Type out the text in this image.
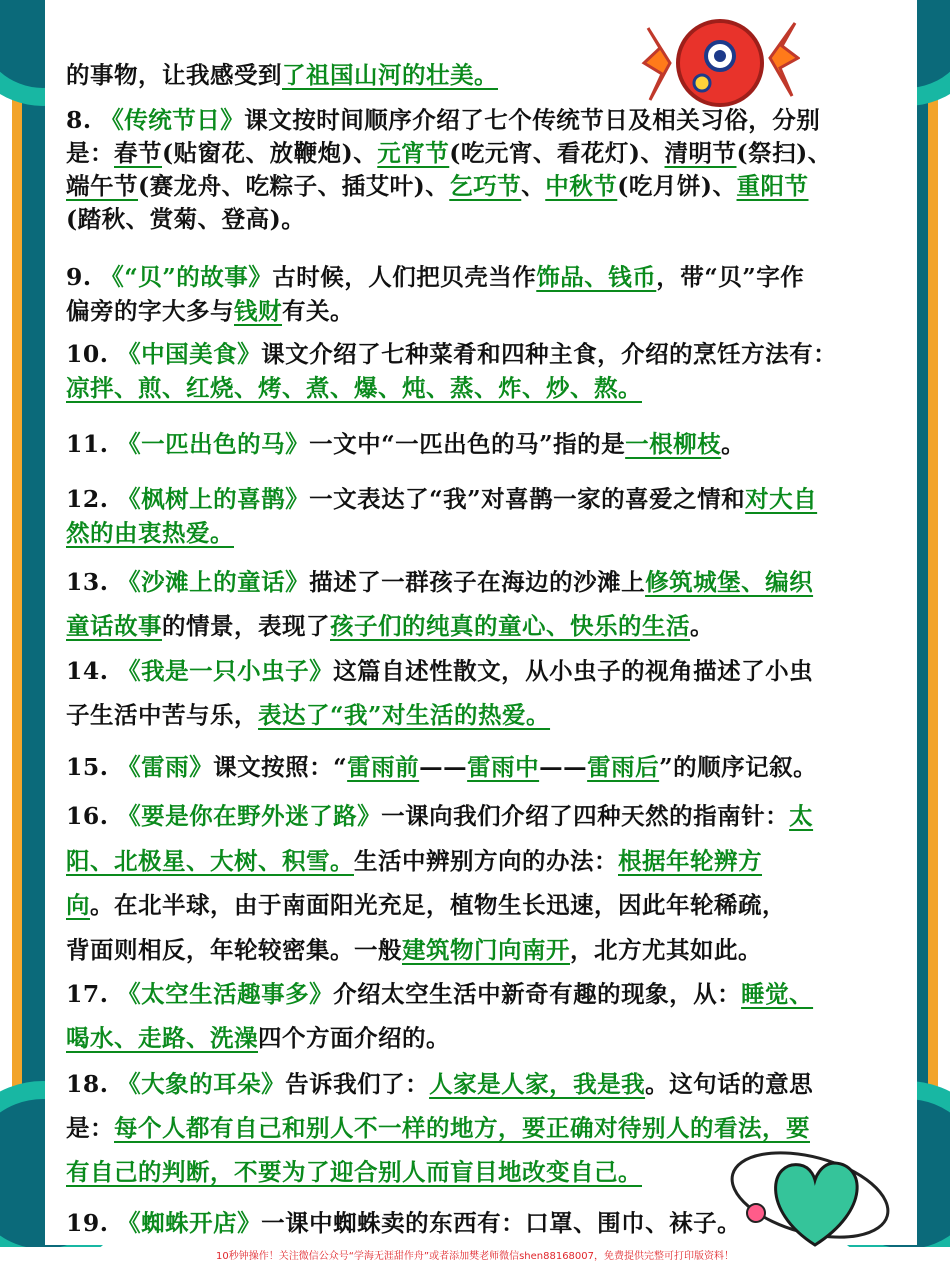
的事物，让我感受到了祖国山河的壮美。
8. 《传统节日》课文按时间顺序介绍了七个传统节日及相关习俗，分别
是：春节(贴窗花、放鞭炮)、元宵节(吃元宵、看花灯)、清明节(祭扫)、
端午节(赛龙舟、吃粽子、插艾叶)、乞巧节、中秋节(吃月饼)、重阳节
(踏秋、赏菊、登高)。
9. 《“贝”的故事》古时候，人们把贝壳当作饰品、钱币，带“贝”字作
偏旁的字大多与钱财有关。
10. 《中国美食》课文介绍了七种菜肴和四种主食，介绍的烹饪方法有：
凉拌、煎、红烧、烤、煮、爆、炖、蒸、炸、炒、熬。
11. 《一匹出色的马》一文中“一匹出色的马”指的是一根柳枝。
12. 《枫树上的喜鹊》一文表达了“我”对喜鹊一家的喜爱之情和对大自
然的由衷热爱。
13. 《沙滩上的童话》描述了一群孩子在海边的沙滩上修筑城堡、编织
童话故事的情景，表现了孩子们的纯真的童心、快乐的生活。
14. 《我是一只小虫子》这篇自述性散文，从小虫子的视角描述了小虫
子生活中苦与乐，表达了“我”对生活的热爱。
15. 《雷雨》课文按照：“雷雨前——雷雨中——雷雨后”的顺序记叙。
16. 《要是你在野外迷了路》一课向我们介绍了四种天然的指南针：太
阳、北极星、大树、积雪。生活中辨别方向的办法：根据年轮辨方
向。在北半球，由于南面阳光充足，植物生长迅速，因此年轮稀疏，
背面则相反，年轮较密集。一般建筑物门向南开，北方尤其如此。
17. 《太空生活趣事多》介绍太空生活中新奇有趣的现象，从：睡觉、
喝水、走路、洗澡四个方面介绍的。
18. 《大象的耳朵》告诉我们了：人家是人家，我是我。这句话的意思
是：每个人都有自己和别人不一样的地方，要正确对待别人的看法，要
有自己的判断，不要为了迎合别人而盲目地改变自己。
19. 《蜘蛛开店》一课中蜘蛛卖的东西有：口罩、围巾、袜子。
10秒钟操作！关注微信公众号“学海无涯甜作舟”或者添加樊老师微信shen88168007，免费提供完整可打印版资料！
